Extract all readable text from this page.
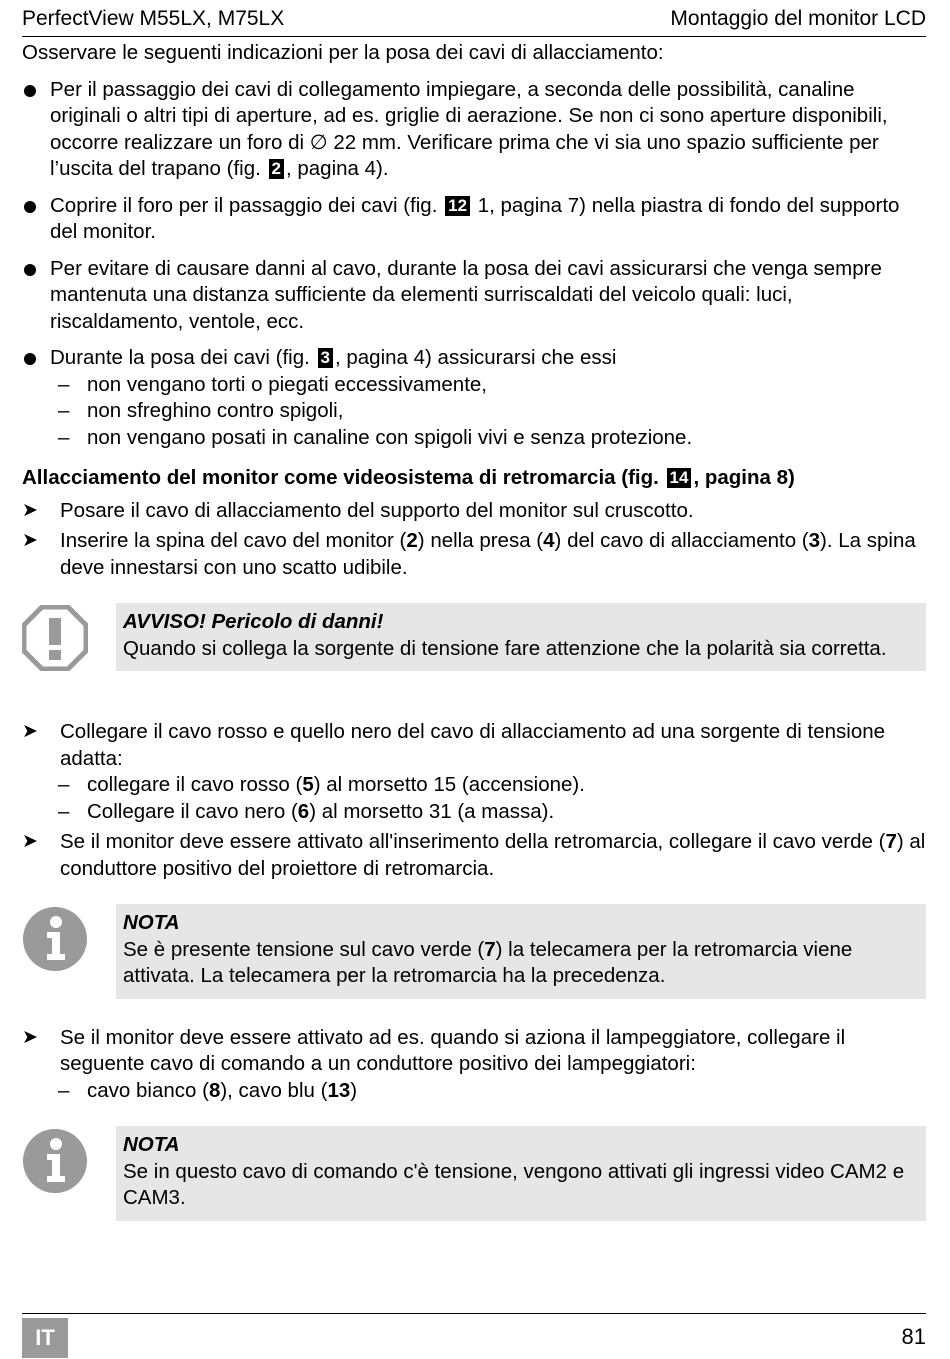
PerfectView M55LX, M75LX	Montaggio del monitor LCD

Osservare le seguenti indicazioni per la posa dei cavi di allacciamento:

Per il passaggio dei cavi di collegamento impiegare, a seconda delle possibilità, canaline originali o altri tipi di aperture, ad es. griglie di aerazione. Se non ci sono aperture disponibili, occorre realizzare un foro di ∅ 22 mm. Verificare prima che vi sia uno spazio sufficiente per l’uscita del trapano (fig. 2 , pagina 4).
Coprire il foro per il passaggio dei cavi (fig. 12 1, pagina 7) nella piastra di fondo del supporto del monitor.
Per evitare di causare danni al cavo, durante la posa dei cavi assicurarsi che venga sempre mantenuta una distanza sufficiente da elementi surriscaldati del veicolo quali: luci, riscaldamento, ventole, ecc.
Durante la posa dei cavi (fig. 3 , pagina 4) assicurarsi che essi
– non vengano torti o piegati eccessivamente,
– non sfreghino contro spigoli,
– non vengano posati in canaline con spigoli vivi e senza protezione.

Allacciamento del monitor come videosistema di retromarcia (fig. 14 , pagina 8)

➤ Posare il cavo di allacciamento del supporto del monitor sul cruscotto.
➤ Inserire la spina del cavo del monitor (2) nella presa (4) del cavo di allacciamento (3). La spina deve innestarsi con uno scatto udibile.
AVVISO! Pericolo di danni!
Quando si collega la sorgente di tensione fare attenzione che la polarità sia corretta.
➤ Collegare il cavo rosso e quello nero del cavo di allacciamento ad una sorgente di tensione adatta:
– collegare il cavo rosso (5) al morsetto 15 (accensione).
– Collegare il cavo nero (6) al morsetto 31 (a massa).
➤ Se il monitor deve essere attivato all'inserimento della retromarcia, collegare il cavo verde (7) al conduttore positivo del proiettore di retromarcia.
NOTA
Se è presente tensione sul cavo verde (7) la telecamera per la retromarcia viene attivata. La telecamera per la retromarcia ha la precedenza.
➤ Se il monitor deve essere attivato ad es. quando si aziona il lampeggiatore, collegare il seguente cavo di comando a un conduttore positivo dei lampeggiatori:
– cavo bianco (8), cavo blu (13)
NOTA
Se in questo cavo di comando c'è tensione, vengono attivati gli ingressi video CAM2 e CAM3.
IT	81
